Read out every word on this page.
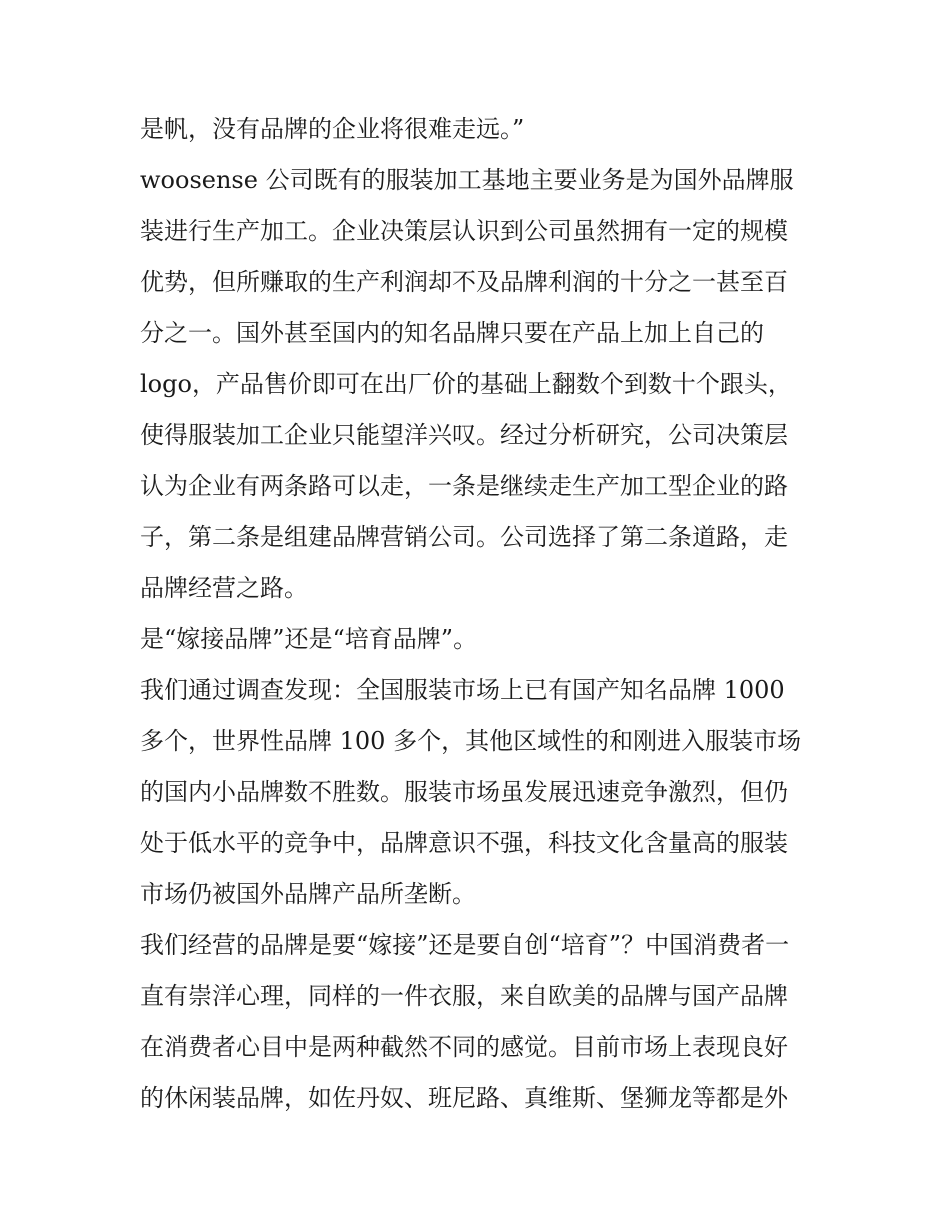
是帆，没有品牌的企业将很难走远。”

woosense 公司既有的服装加工基地主要业务是为国外品牌服
装进行生产加工。企业决策层认识到公司虽然拥有一定的规模
优势，但所赚取的生产利润却不及品牌利润的十分之一甚至百
分之一。国外甚至国内的知名品牌只要在产品上加上自己的
logo，产品售价即可在出厂价的基础上翻数个到数十个跟头，
使得服装加工企业只能望洋兴叹。经过分析研究，公司决策层
认为企业有两条路可以走，一条是继续走生产加工型企业的路
子，第二条是组建品牌营销公司。公司选择了第二条道路，走
品牌经营之路。

是“嫁接品牌”还是“培育品牌”。

我们通过调查发现：全国服装市场上已有国产知名品牌 1000
多个，世界性品牌 100 多个，其他区域性的和刚进入服装市场
的国内小品牌数不胜数。服装市场虽发展迅速竞争激烈，但仍
处于低水平的竞争中，品牌意识不强，科技文化含量高的服装
市场仍被国外品牌产品所垄断。

我们经营的品牌是要“嫁接”还是要自创“培育”？中国消费者一
直有崇洋心理，同样的一件衣服，来自欧美的品牌与国产品牌
在消费者心目中是两种截然不同的感觉。目前市场上表现良好
的休闲装品牌，如佐丹奴、班尼路、真维斯、堡狮龙等都是外
